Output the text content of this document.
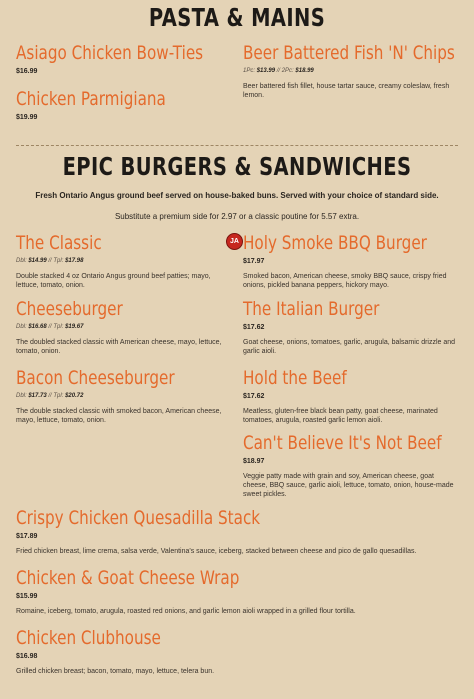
PASTA & MAINS
Asiago Chicken Bow-Ties
$16.99
Chicken Parmigiana
$19.99
Beer Battered Fish 'N' Chips
1Pc: $13.99 // 2Pc: $18.99
Beer battered fish fillet, house tartar sauce, creamy coleslaw, fresh lemon.
EPIC BURGERS & SANDWICHES
Fresh Ontario Angus ground beef served on house-baked buns. Served with your choice of standard side.
Substitute a premium side for 2.97 or a classic poutine for 5.57 extra.
The Classic
Dbl: $14.99 // Tpl: $17.98
Double stacked 4 oz Ontario Angus ground beef patties; mayo, lettuce, tomato, onion.
Cheeseburger
Dbl: $16.68 // Tpl: $19.67
The doubled stacked classic with American cheese, mayo, lettuce, tomato, onion.
Bacon Cheeseburger
Dbl: $17.73 // Tpl: $20.72
The double stacked classic with smoked bacon, American cheese, mayo, lettuce, tomato, onion.
JA Holy Smoke BBQ Burger
$17.97
Smoked bacon, American cheese, smoky BBQ sauce, crispy fried onions, pickled banana peppers, hickory mayo.
The Italian Burger
$17.62
Goat cheese, onions, tomatoes, garlic, arugula, balsamic drizzle and garlic aioli.
Hold the Beef
$17.62
Meatless, gluten-free black bean patty, goat cheese, marinated tomatoes, arugula, roasted garlic lemon aioli.
Can't Believe It's Not Beef
$18.97
Veggie patty made with grain and soy, American cheese, goat cheese, BBQ sauce, garlic aioli, lettuce, tomato, onion, house-made sweet pickles.
Crispy Chicken Quesadilla Stack
$17.89
Fried chicken breast, lime crema, salsa verde, Valentina's sauce, iceberg, stacked between cheese and pico de gallo quesadillas.
Chicken & Goat Cheese Wrap
$15.99
Romaine, iceberg, tomato, arugula, roasted red onions, and garlic lemon aioli wrapped in a grilled flour tortilla.
Chicken Clubhouse
$16.98
Grilled chicken breast; bacon, tomato, mayo, lettuce, telera bun.
